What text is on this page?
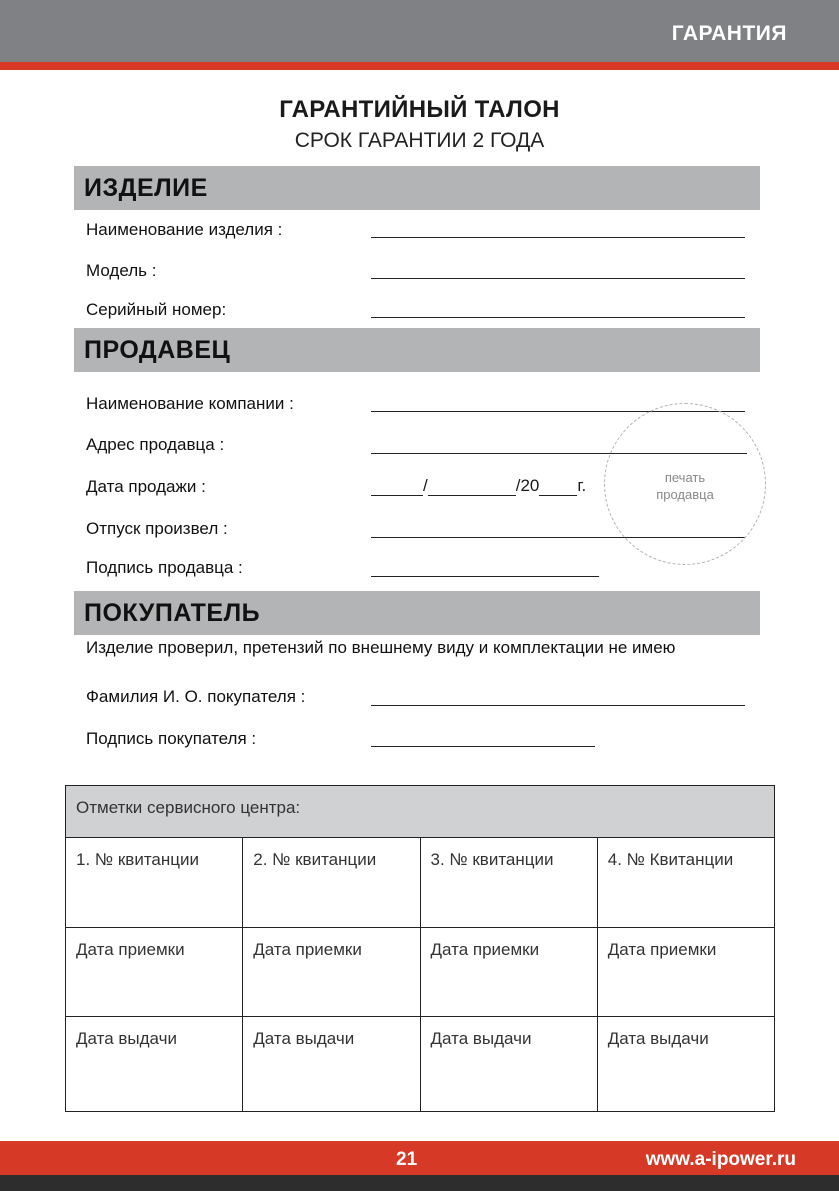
ГАРАНТИЯ
ГАРАНТИЙНЫЙ ТАЛОН
СРОК ГАРАНТИИ 2 ГОДА
ИЗДЕЛИЕ
Наименование изделия :
Модель :
Серийный номер:
ПРОДАВЕЦ
Наименование компании :
Адрес продавца :
Дата продажи :	/	/20 г.
Отпуск произвел :
Подпись продавца :
печать
продавца
ПОКУПАТЕЛЬ
Изделие проверил, претензий по внешнему виду и комплектации не имею
Фамилия И. О. покупателя :
Подпись покупателя :
Отметки сервисного центра:			
1. № квитанции	2. № квитанции	3. № квитанции	4. № Квитанции
Дата приемки	Дата приемки	Дата приемки	Дата приемки
Дата выдачи	Дата выдачи	Дата выдачи	Дата выдачи
21	www.a-ipower.ru
